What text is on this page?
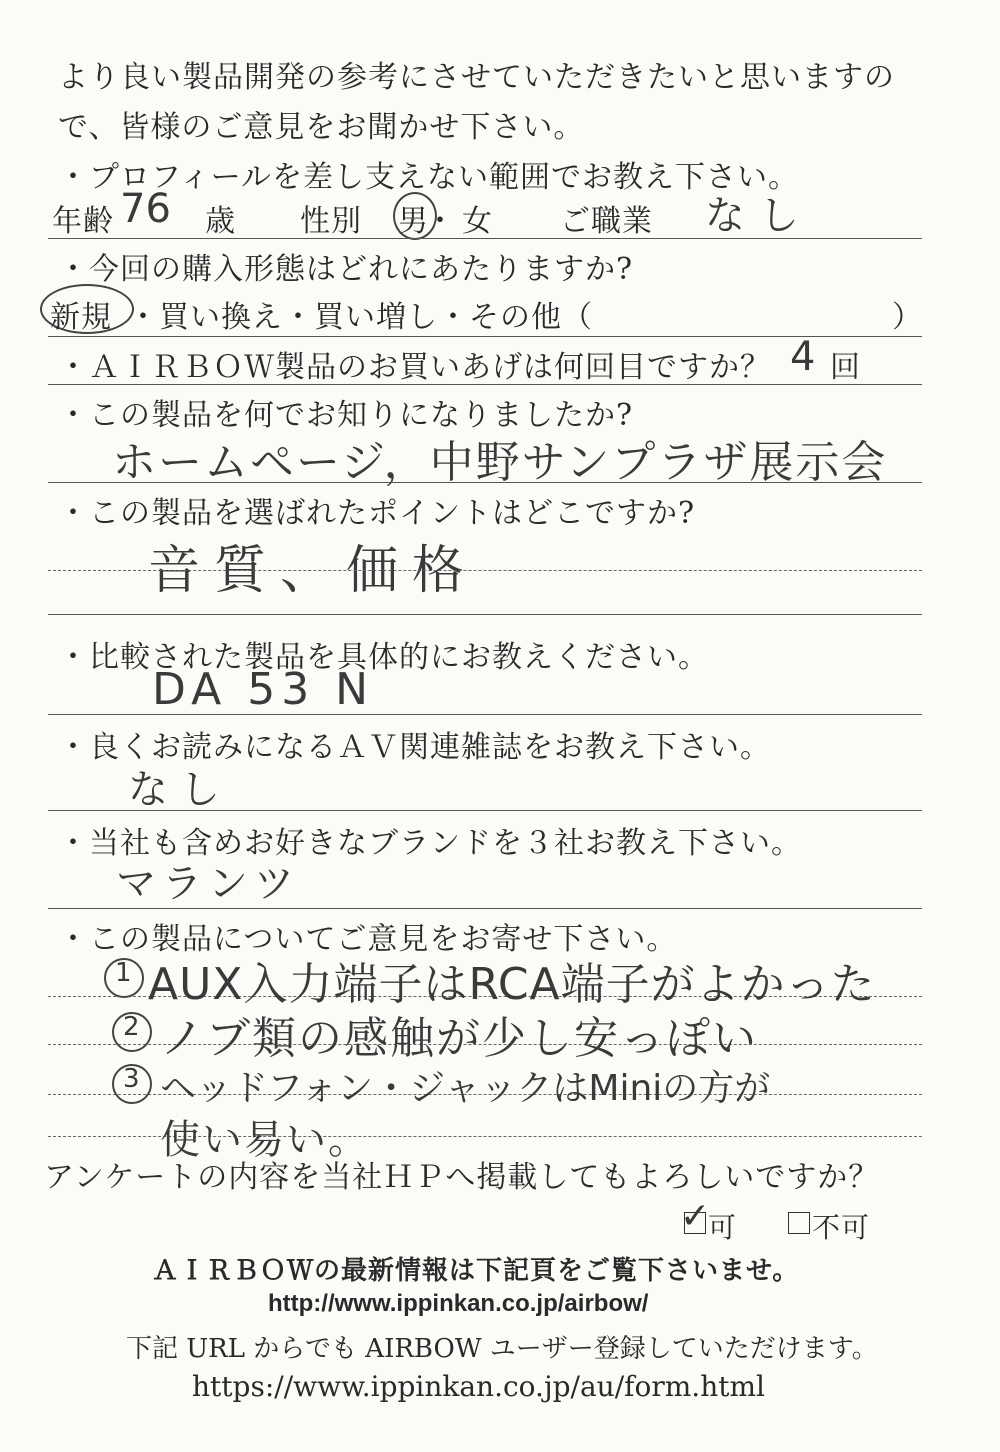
より良い製品開発の参考にさせていただきたいと思いますの
で、皆様のご意見をお聞かせ下さい。
・プロフィールを差し支えない範囲でお教え下さい。
年齢 76 歳 性別 男
・ 女 ご職業 なし
・今回の購入形態はどれにあたりますか?
新規 ・買い換え・買い増し・その他（	）
・ＡＩＲＢＯＷ製品のお買いあげは何回目ですか？ 4 回
・この製品を何でお知りになりましたか?
ホームページ，中野サンプラザ展示会
・この製品を選ばれたポイントはどこですか?
音質、価格
・比較された製品を具体的にお教えください。
DA 53 N
・良くお読みになるＡＶ関連雑誌をお教え下さい。
なし
・当社も含めお好きなブランドを３社お教え下さい。
マランツ
・この製品についてご意見をお寄せ下さい。
1 AUX入力端子はRCA端子がよかった
2 ノブ類の感触が少し安っぽい
3 ヘッドフォン・ジャックはMiniの方が
使い易い。
アンケートの内容を当社ＨＰへ掲載してもよろしいですか？
✓
可	不可
ＡＩＲＢＯＷの最新情報は下記頁をご覧下さいませ。
http://www.ippinkan.co.jp/airbow/
下記 URL からでも AIRBOW ユーザー登録していただけます。
https://www.ippinkan.co.jp/au/form.html
